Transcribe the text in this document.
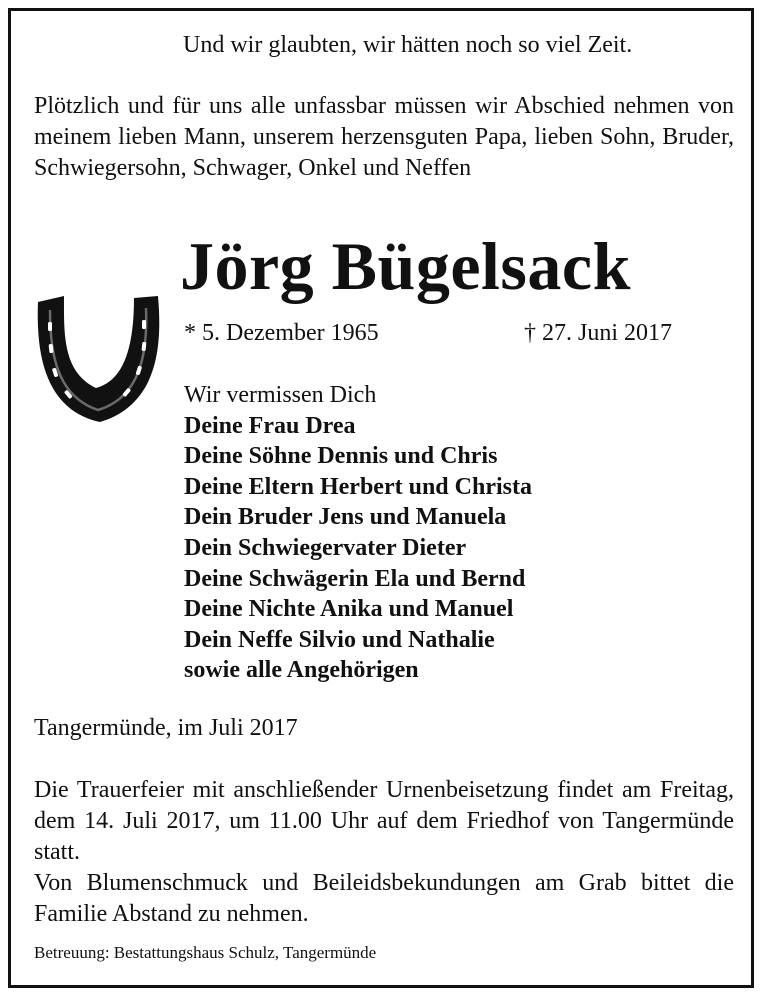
Und wir glaubten, wir hätten noch so viel Zeit.
Plötzlich und für uns alle unfassbar müssen wir Abschied nehmen von meinem lieben Mann, unserem herzensguten Papa, lieben Sohn, Bruder, Schwiegersohn, Schwager, Onkel und Neffen
Jörg Bügelsack
* 5. Dezember 1965	† 27. Juni 2017
Wir vermissen Dich
Deine Frau Drea
Deine Söhne Dennis und Chris
Deine Eltern Herbert und Christa
Dein Bruder Jens und Manuela
Dein Schwiegervater Dieter
Deine Schwägerin Ela und Bernd
Deine Nichte Anika und Manuel
Dein Neffe Silvio und Nathalie
sowie alle Angehörigen
Tangermünde, im Juli 2017

Die Trauerfeier mit anschließender Urnenbeisetzung findet am Freitag, dem 14. Juli 2017, um 11.00 Uhr auf dem Friedhof von Tangermünde statt.

Von Blumenschmuck und Beileidsbekundungen am Grab bittet die Familie Abstand zu nehmen.

Betreuung: Bestattungshaus Schulz, Tangermünde
